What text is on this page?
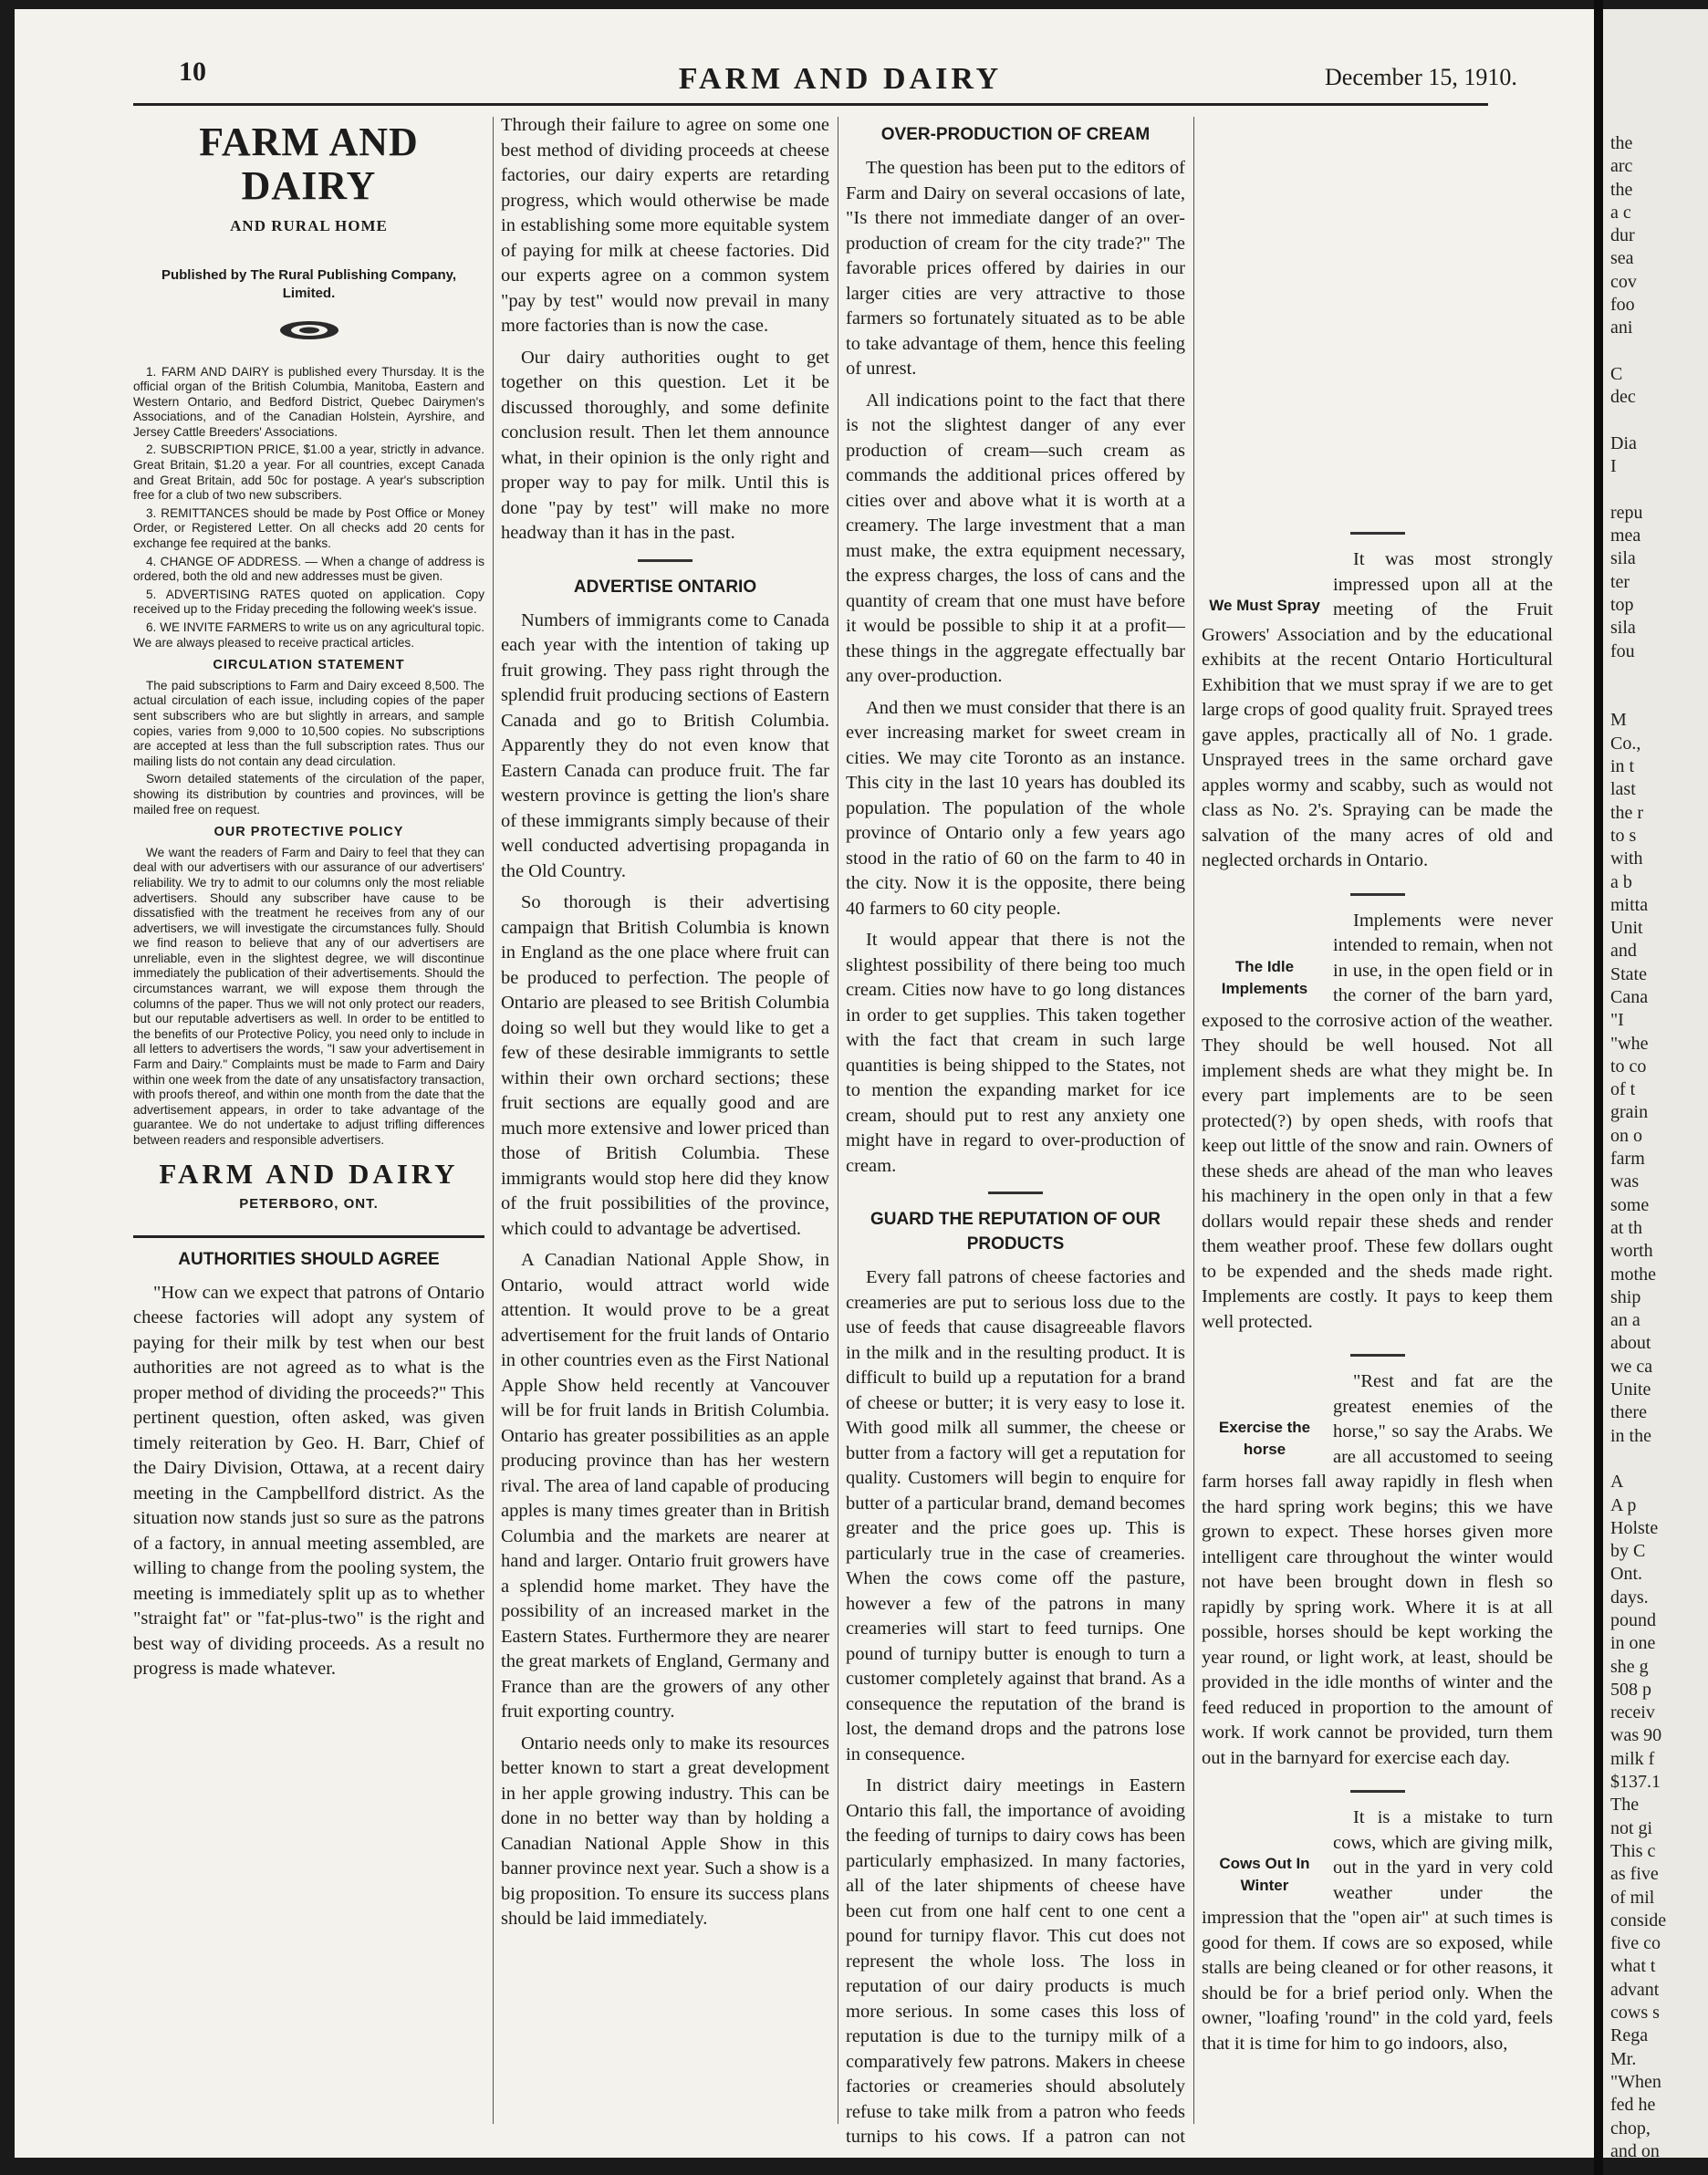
10	FARM AND DAIRY	December 15, 1910.
FARM AND DAIRY
AND RURAL HOME
Published by The Rural Publishing Company, Limited.

1. FARM AND DAIRY is published every Thursday. It is the official organ of the British Columbia, Manitoba, Eastern and Western Ontario, and Bedford District, Quebec Dairymen's Associations, and of the Canadian Holstein, Ayrshire, and Jersey Cattle Breeders' Associations.

2. SUBSCRIPTION PRICE, $1.00 a year, strictly in advance. Great Britain, $1.20 a year. For all countries, except Canada and Great Britain, add 50c for postage. A year's subscription free for a club of two new subscribers.

3. REMITTANCES should be made by Post Office or Money Order, or Registered Letter. On all checks add 20 cents for exchange fee required at the banks.

4. CHANGE OF ADDRESS. — When a change of address is ordered, both the old and new addresses must be given.

5. ADVERTISING RATES quoted on application. Copy received up to the Friday preceding the following week's issue.

6. WE INVITE FARMERS to write us on any agricultural topic. We are always pleased to receive practical articles.

CIRCULATION STATEMENT

The paid subscriptions to Farm and Dairy exceed 8,500. The actual circulation of each issue, including copies of the paper sent subscribers who are but slightly in arrears, and sample copies, varies from 9,000 to 10,500 copies. No subscriptions are accepted at less than the full subscription rates. Thus our mailing lists do not contain any dead circulation.

Sworn detailed statements of the circulation of the paper, showing its distribution by countries and provinces, will be mailed free on request.

OUR PROTECTIVE POLICY

We want the readers of Farm and Dairy to feel that they can deal with our advertisers with our assurance of our advertisers' reliability. We try to admit to our columns only the most reliable advertisers. Should any subscriber have cause to be dissatisfied with the treatment he receives from any of our advertisers, we will investigate the circumstances fully. Should we find reason to believe that any of our advertisers are unreliable, even in the slightest degree, we will discontinue immediately the publication of their advertisements. Should the circumstances warrant, we will expose them through the columns of the paper. Thus we will not only protect our readers, but our reputable advertisers as well. In order to be entitled to the benefits of our Protective Policy, you need only to include in all letters to advertisers the words, "I saw your advertisement in Farm and Dairy." Complaints must be made to Farm and Dairy within one week from the date of any unsatisfactory transaction, with proofs thereof, and within one month from the date that the advertisement appears, in order to take advantage of the guarantee. We do not undertake to adjust trifling differences between readers and responsible advertisers.

FARM AND DAIRY
PETERBORO, ONT.
AUTHORITIES SHOULD AGREE

"How can we expect that patrons of Ontario cheese factories will adopt any system of paying for their milk by test when our best authorities are not agreed as to what is the proper method of dividing the proceeds?" This pertinent question, often asked, was given timely reiteration by Geo. H. Barr, Chief of the Dairy Division, Ottawa, at a recent dairy meeting in the Campbellford district. As the situation now stands just so sure as the patrons of a factory, in annual meeting assembled, are willing to change from the pooling system, the meeting is immediately split up as to whether "straight fat" or "fat-plus-two" is the right and best way of dividing proceeds. As a result no progress is made whatever.

Through their failure to agree on some one best method of dividing proceeds at cheese factories, our dairy experts are retarding progress, which would otherwise be made in establishing some more equitable system of paying for milk at cheese factories. Did our experts agree on a common system "pay by test" would now prevail in many more factories than is now the case.

Our dairy authorities ought to get together on this question. Let it be discussed thoroughly, and some definite conclusion result. Then let them announce what, in their opinion is the only right and proper way to pay for milk. Until this is done "pay by test" will make no more headway than it has in the past.

ADVERTISE ONTARIO

Numbers of immigrants come to Canada each year with the intention of taking up fruit growing. They pass right through the splendid fruit producing sections of Eastern Canada and go to British Columbia. Apparently they do not even know that Eastern Canada can produce fruit. The far western province is getting the lion's share of these immigrants simply because of their well conducted advertising propaganda in the Old Country.

So thorough is their advertising campaign that British Columbia is known in England as the one place where fruit can be produced to perfection. The people of Ontario are pleased to see British Columbia doing so well but they would like to get a few of these desirable immigrants to settle within their own orchard sections; these fruit sections are equally good and are much more extensive and lower priced than those of British Columbia. These immigrants would stop here did they know of the fruit possibilities of the province, which could to advantage be advertised.

A Canadian National Apple Show, in Ontario, would attract world wide attention. It would prove to be a great advertisement for the fruit lands of Ontario in other countries even as the First National Apple Show held recently at Vancouver will be for fruit lands in British Columbia. Ontario has greater possibilities as an apple producing province than has her western rival. The area of land capable of producing apples is many times greater than in British Columbia and the markets are nearer at hand and larger. Ontario fruit growers have a splendid home market. They have the possibility of an increased market in the Eastern States. Furthermore they are nearer the great markets of England, Germany and France than are the growers of any other fruit exporting country.

Ontario needs only to make its resources better known to start a great development in her apple growing industry. This can be done in no better way than by holding a Canadian National Apple Show in this banner province next year. Such a show is a big proposition. To ensure its success plans should be laid immediately.

OVER-PRODUCTION OF CREAM

The question has been put to the editors of Farm and Dairy on several occasions of late, "Is there not immediate danger of an over-production of cream for the city trade?" The favorable prices offered by dairies in our larger cities are very attractive to those farmers so fortunately situated as to be able to take advantage of them, hence this feeling of unrest.

All indications point to the fact that there is not the slightest danger of any ever production of cream—such cream as commands the additional prices offered by cities over and above what it is worth at a creamery. The large investment that a man must make, the extra equipment necessary, the express charges, the loss of cans and the quantity of cream that one must have before it would be possible to ship it at a profit—these things in the aggregate effectually bar any over-production.

And then we must consider that there is an ever increasing market for sweet cream in cities. We may cite Toronto as an instance. This city in the last 10 years has doubled its population. The population of the whole province of Ontario only a few years ago stood in the ratio of 60 on the farm to 40 in the city. Now it is the opposite, there being 40 farmers to 60 city people.

It would appear that there is not the slightest possibility of there being too much cream. Cities now have to go long distances in order to get supplies. This taken together with the fact that cream in such large quantities is being shipped to the States, not to mention the expanding market for ice cream, should put to rest any anxiety one might have in regard to over-production of cream.

GUARD THE REPUTATION OF OUR PRODUCTS

Every fall patrons of cheese factories and creameries are put to serious loss due to the use of feeds that cause disagreeable flavors in the milk and in the resulting product. It is difficult to build up a reputation for a brand of cheese or butter; it is very easy to lose it. With good milk all summer, the cheese or butter from a factory will get a reputation for quality. Customers will begin to enquire for butter of a particular brand, demand becomes greater and the price goes up. This is particularly true in the case of creameries. When the cows come off the pasture, however a few of the patrons in many creameries will start to feed turnips. One pound of turnipy butter is enough to turn a customer completely against that brand. As a consequence the reputation of the brand is lost, the demand drops and the patrons lose in consequence.

In district dairy meetings in Eastern Ontario this fall, the importance of avoiding the feeding of turnips to dairy cows has been particularly emphasized. In many factories, all of the later shipments of cheese have been cut from one half cent to one cent a pound for turnipy flavor. This cut does not represent the whole loss. The loss in reputation of our dairy products is much more serious. In some cases this loss of reputation is due to the turnipy milk of a comparatively few patrons. Makers in cheese factories or creameries should absolutely refuse to take milk from a patron who feeds turnips to his cows. If a patron can not

We Must Spray

It was most strongly impressed upon all at the meeting of the Fruit Growers' Association and by the educational exhibits at the recent Ontario Horticultural Exhibition that we must spray if we are to get large crops of good quality fruit. Sprayed trees gave apples, practically all of No. 1 grade. Unsprayed trees in the same orchard gave apples wormy and scabby, such as would not class as No. 2's. Spraying can be made the salvation of the many acres of old and neglected orchards in Ontario.

The Idle Implements

Implements were never intended to remain, when not in use, in the open field or in the corner of the barn yard, exposed to the corrosive action of the weather. They should be well housed. Not all implement sheds are what they might be. In every part implements are to be seen protected(?) by open sheds, with roofs that keep out little of the snow and rain. Owners of these sheds are ahead of the man who leaves his machinery in the open only in that a few dollars would repair these sheds and render them weather proof. These few dollars ought to be expended and the sheds made right. Implements are costly. It pays to keep them well protected.

Exercise the horse

"Rest and fat are the greatest enemies of the horse," so say the Arabs. We are all accustomed to seeing farm horses fall away rapidly in flesh when the hard spring work begins; this we have grown to expect. These horses given more intelligent care throughout the winter would not have been brought down in flesh so rapidly by spring work. Where it is at all possible, horses should be kept working the year round, or light work, at least, should be provided in the idle months of winter and the feed reduced in proportion to the amount of work. If work cannot be provided, turn them out in the barnyard for exercise each day.

Cows Out In Winter

It is a mistake to turn cows, which are giving milk, out in the yard in very cold weather under the impression that the "open air" at such times is good for them. If cows are so exposed, while stalls are being cleaned or for other reasons, it should be for a brief period only. When the owner, "loafing 'round" in the cold yard, feels that it is time for him to go indoors, also,

the
arc
the
a c
dur
sea
cov
foo
ani
C
dec
Dia
I
repu
mea
sila
ter
top
sila
fou
M
Co.,
in t
last
the r
to s
with
a b
mitta
Unit
and
State
Cana
"I
"whe
to co
of t
grain
on o
farm
was
some
at th
worth
mothe
ship
an a
about
we ca
Unite
there
in the
A
A p
Holste
by C
Ont.
days.
pound
in one
she g
508 p
receiv
was 90
milk f
$137.1
The
not gi
This c
as five
of mil
conside
five co
what t
advant
cows s
Rega
Mr.
"When
fed he
chop,
and on
